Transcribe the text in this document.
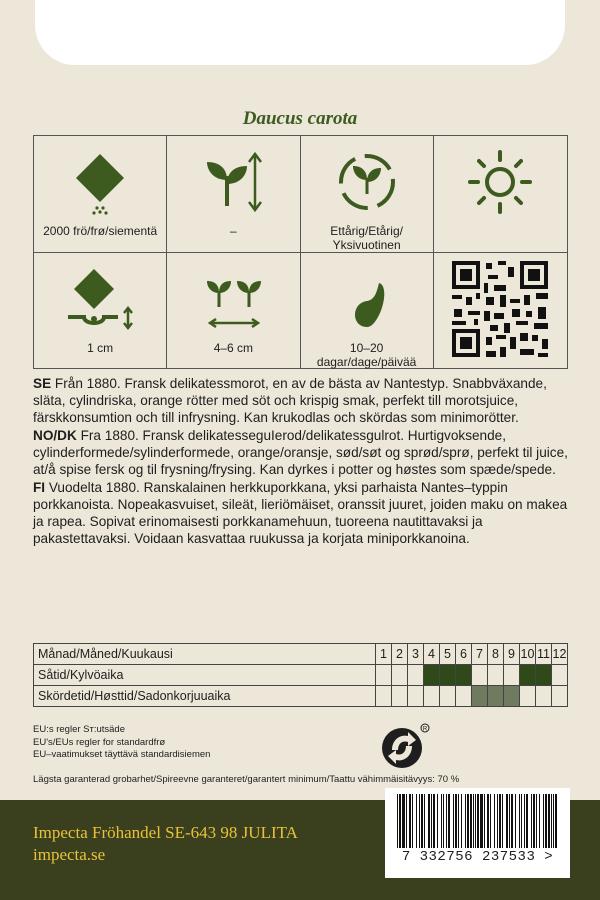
Daucus carota
2000 frö/frø/siementä	–	Ettårig/Etårig/
Yksivuotinen
1 cm	4–6 cm	10–20
dagar/dage/päivää

SE Från 1880. Fransk delikatessmorot, en av de bästa av Nantestyp. Snabbväxande, släta, cylindriska, orange rötter med söt och krispig smak, perfekt till morotsjuice, färskkonsumtion och till infrysning. Kan krukodlas och skördas som minimorötter.

NO/DK Fra 1880. Fransk delikatesseguIerod/delikatessgulrot. Hurtigvoksende, cylinderformede/sylinderformede, orange/oransje, sød/søt og sprød/sprø, perfekt til juice, at/å spise fersk og til frysning/frysing. Kan dyrkes i potter og høstes som spæde/spede.

FI Vuodelta 1880. Ranskalainen herkkuporkkana, yksi parhaista Nantes–typpin porkkanoista. Nopeakasvuiset, sileät, lieriömäiset, oranssit juuret, joiden maku on makea ja rapea. Sopivat erinomaisesti porkkanamehuun, tuoreena nautittavaksi ja pakastettavaksi. Voidaan kasvattaa ruukussa ja korjata miniporkkanoina.

Månad/Måned/Kuukausi	1	2	3	4	5	6	7	8	9	10	11	12
Såtid/Kylvöaika												
Skördetid/Høsttid/Sadonkorjuuaika												
EU:s regler Sт:utsäde
EU's/EUs regler for standardfrø
EU–vaatimukset täyttävä standardisiemen
R
Lägsta garanterad grobarhet/Spireevne garanteret/garantert minimum/Taattu vähimmäisitävyys: 70 %
Impecta Fröhandel SE-643 98 JULITA
impecta.se	7 332756 237533 >
